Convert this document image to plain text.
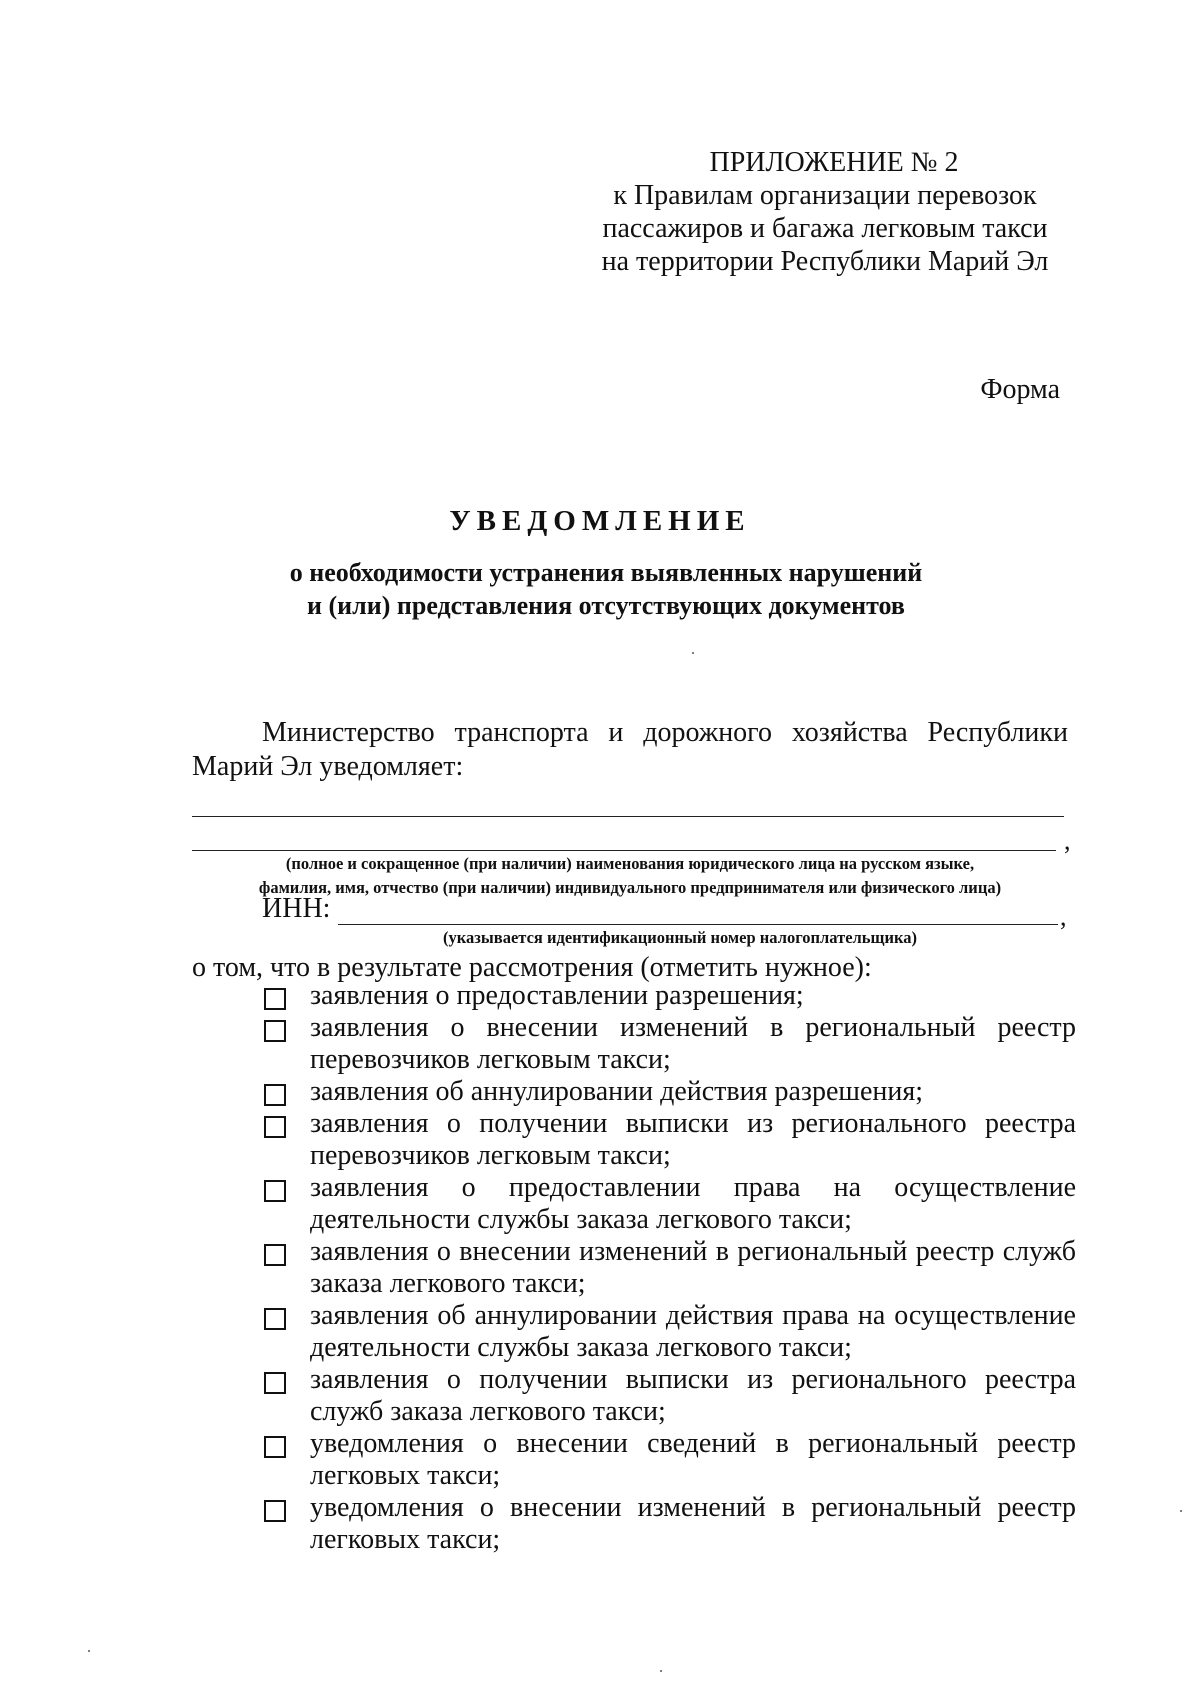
ПРИЛОЖЕНИЕ № 2
к Правилам организации перевозок
пассажиров и багажа легковым такси
на территории Республики Марий Эл
Форма
УВЕДОМЛЕНИЕ
о необходимости устранения выявленных нарушений
и (или) представления отсутствующих документов
Министерство транспорта и дорожного хозяйства Республики Марий Эл уведомляет:
,
(полное и сокращенное (при наличии) наименования юридического лица на русском языке,
фамилия, имя, отчество (при наличии) индивидуального предпринимателя или физического лица)
ИНН:	,
(указывается идентификационный номер налогоплательщика)
о том, что в результате рассмотрения (отметить нужное):
заявления о предоставлении разрешения;
заявления о внесении изменений в региональный реестр перевозчиков легковым такси;
заявления об аннулировании действия разрешения;
заявления о получении выписки из регионального реестра перевозчиков легковым такси;
заявления о предоставлении права на осуществление деятельности службы заказа легкового такси;
заявления о внесении изменений в региональный реестр служб заказа легкового такси;
заявления об аннулировании действия права на осуществление деятельности службы заказа легкового такси;
заявления о получении выписки из регионального реестра служб заказа легкового такси;
уведомления о внесении сведений в региональный реестр легковых такси;
уведомления о внесении изменений в региональный реестр легковых такси;
